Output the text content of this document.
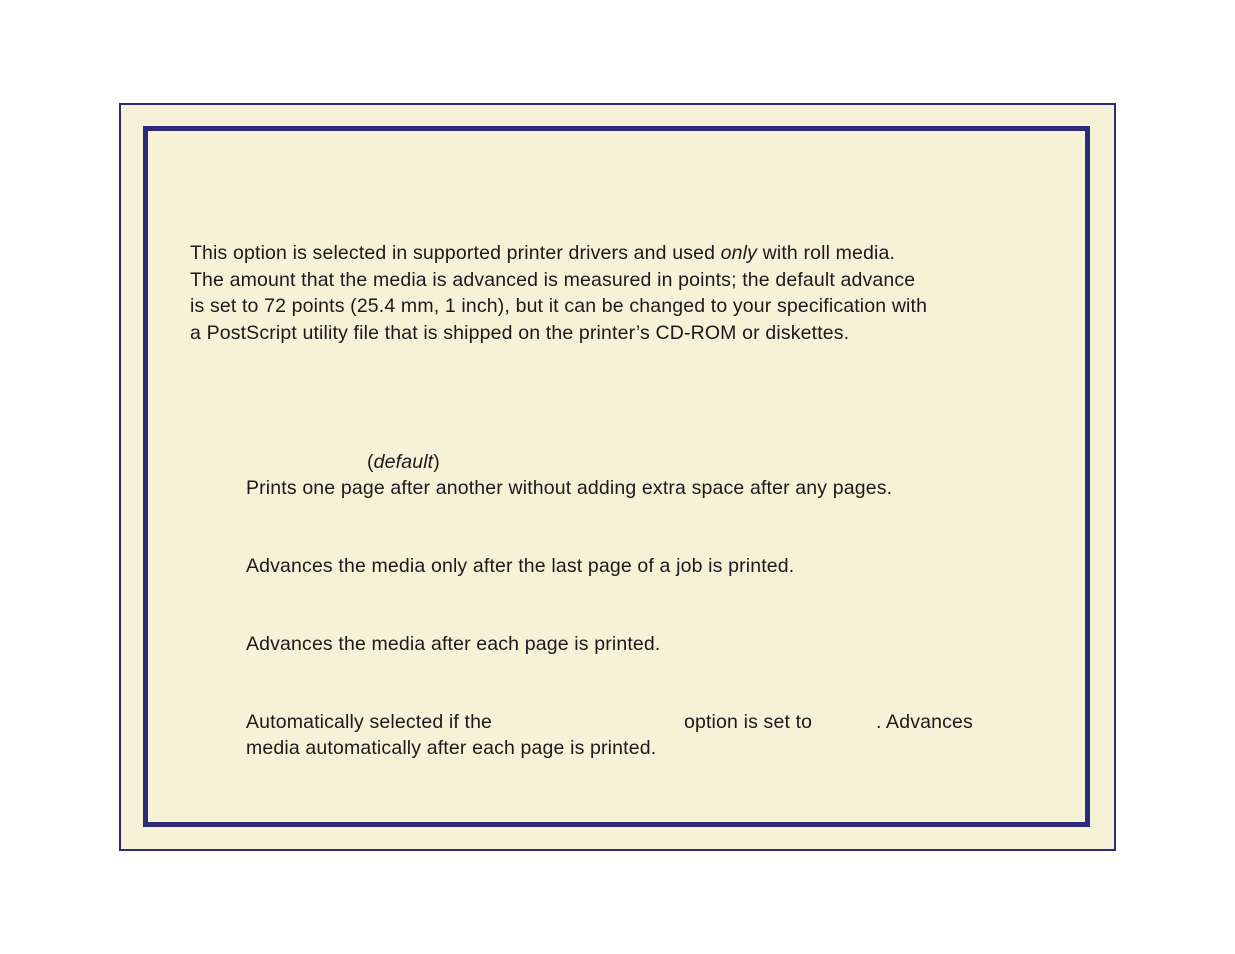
This option is selected in supported printer drivers and used only with roll media.
The amount that the media is advanced is measured in points; the default advance
is set to 72 points (25.4 mm, 1 inch), but it can be changed to your specification with
a PostScript utility file that is shipped on the printer’s CD-ROM or diskettes.

(default)

Prints one page after another without adding extra space after any pages.

Advances the media only after the last page of a job is printed.

Advances the media after each page is printed.

Automatically selected if the	option is set to	. Advances

media automatically after each page is printed.
